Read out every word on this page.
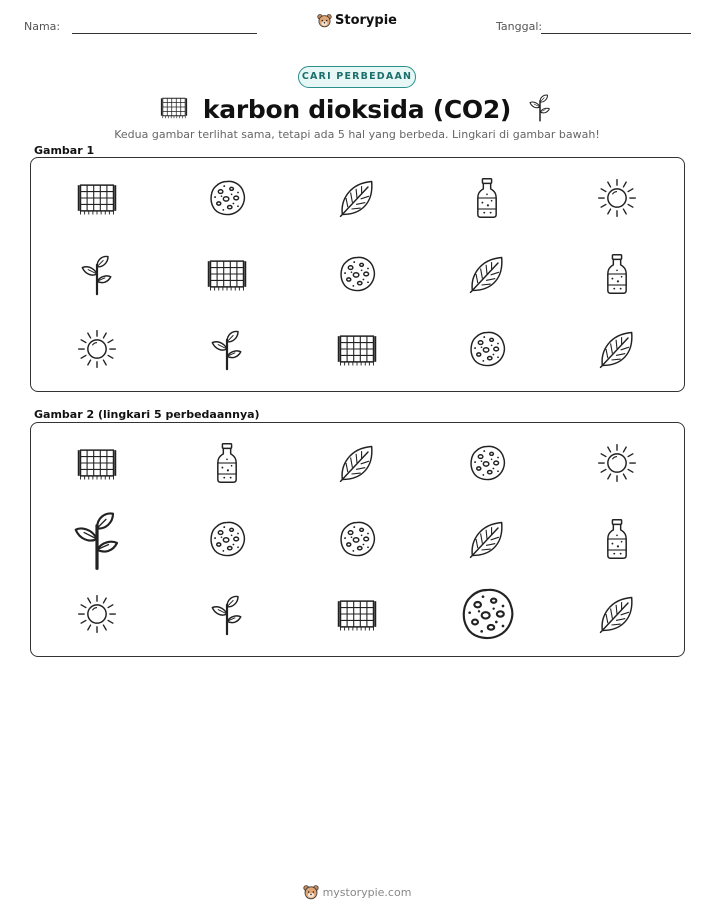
Nama:	Storypie	Tanggal:
CARI PERBEDAAN
karbon dioksida (CO2)
Kedua gambar terlihat sama, tetapi ada 5 hal yang berbeda. Lingkari di gambar bawah!
Gambar 1
Gambar 2 (lingkari 5 perbedaannya)
mystorypie.com
